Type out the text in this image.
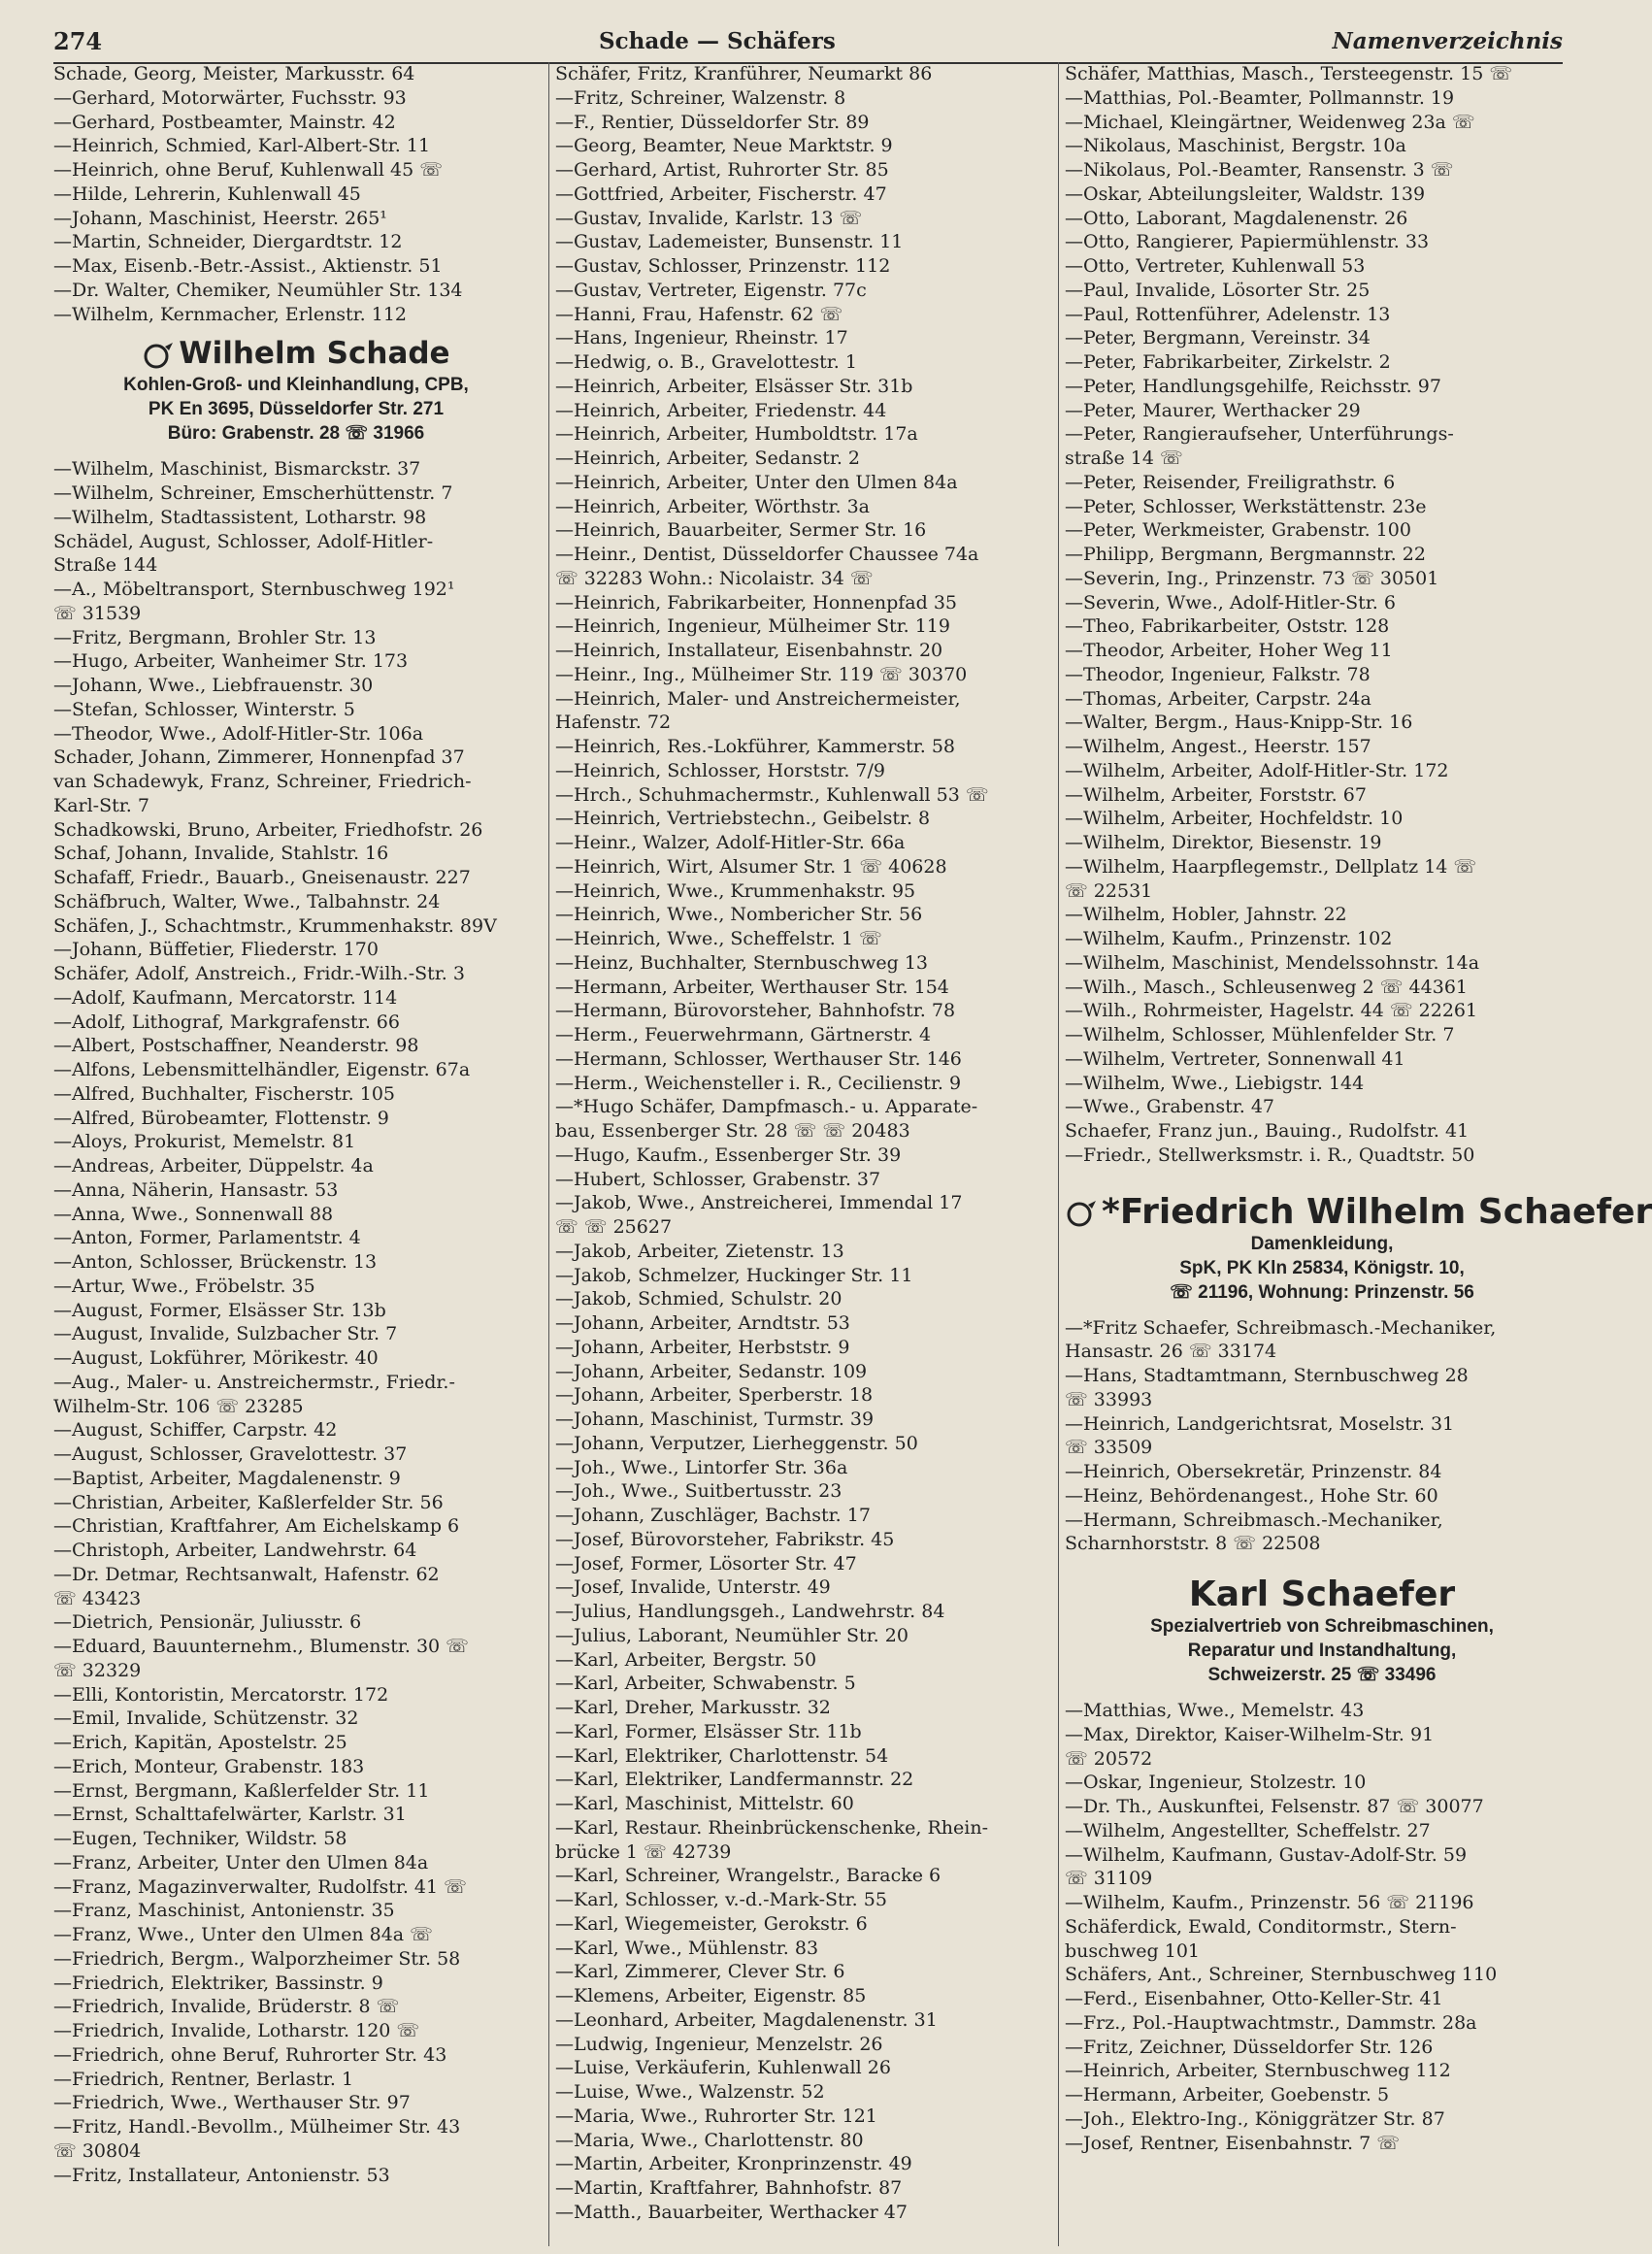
274	Schade — Schäfers	Namenverzeichnis
Schade, Georg, Meister, Markusstr. 64
—Gerhard, Motorwärter, Fuchsstr. 93
—Gerhard, Postbeamter, Mainstr. 42
—Heinrich, Schmied, Karl-Albert-Str. 11
—Heinrich, ohne Beruf, Kuhlenwall 45 ☏
—Hilde, Lehrerin, Kuhlenwall 45
—Johann, Maschinist, Heerstr. 265¹
—Martin, Schneider, Diergardtstr. 12
—Max, Eisenb.-Betr.-Assist., Aktienstr. 51
—Dr. Walter, Chemiker, Neumühler Str. 134
—Wilhelm, Kernmacher, Erlenstr. 112
Wilhelm Schade
Kohlen-Groß- und Kleinhandlung, CPB,
PK En 3695, Düsseldorfer Str. 271
Büro: Grabenstr. 28 ☏ 31966
—Wilhelm, Maschinist, Bismarckstr. 37
—Wilhelm, Schreiner, Emscherhüttenstr. 7
—Wilhelm, Stadtassistent, Lotharstr. 98
Schädel, August, Schlosser, Adolf-Hitler-
Straße 144
—A., Möbeltransport, Sternbuschweg 192¹
☏ 31539
—Fritz, Bergmann, Brohler Str. 13
—Hugo, Arbeiter, Wanheimer Str. 173
—Johann, Wwe., Liebfrauenstr. 30
—Stefan, Schlosser, Winterstr. 5
—Theodor, Wwe., Adolf-Hitler-Str. 106a
Schader, Johann, Zimmerer, Honnenpfad 37
van Schadewyk, Franz, Schreiner, Friedrich-
Karl-Str. 7
Schadkowski, Bruno, Arbeiter, Friedhofstr. 26
Schaf, Johann, Invalide, Stahlstr. 16
Schafaff, Friedr., Bauarb., Gneisenaustr. 227
Schäfbruch, Walter, Wwe., Talbahnstr. 24
Schäfen, J., Schachtmstr., Krummenhakstr. 89V
—Johann, Büffetier, Fliederstr. 170
Schäfer, Adolf, Anstreich., Fridr.-Wilh.-Str. 3
—Adolf, Kaufmann, Mercatorstr. 114
—Adolf, Lithograf, Markgrafenstr. 66
—Albert, Postschaffner, Neanderstr. 98
—Alfons, Lebensmittelhändler, Eigenstr. 67a
—Alfred, Buchhalter, Fischerstr. 105
—Alfred, Bürobeamter, Flottenstr. 9
—Aloys, Prokurist, Memelstr. 81
—Andreas, Arbeiter, Düppelstr. 4a
—Anna, Näherin, Hansastr. 53
—Anna, Wwe., Sonnenwall 88
—Anton, Former, Parlamentstr. 4
—Anton, Schlosser, Brückenstr. 13
—Artur, Wwe., Fröbelstr. 35
—August, Former, Elsässer Str. 13b
—August, Invalide, Sulzbacher Str. 7
—August, Lokführer, Mörikestr. 40
—Aug., Maler- u. Anstreichermstr., Friedr.-
Wilhelm-Str. 106 ☏ 23285
—August, Schiffer, Carpstr. 42
—August, Schlosser, Gravelottestr. 37
—Baptist, Arbeiter, Magdalenenstr. 9
—Christian, Arbeiter, Kaßlerfelder Str. 56
—Christian, Kraftfahrer, Am Eichelskamp 6
—Christoph, Arbeiter, Landwehrstr. 64
—Dr. Detmar, Rechtsanwalt, Hafenstr. 62
☏ 43423
—Dietrich, Pensionär, Juliusstr. 6
—Eduard, Bauunternehm., Blumenstr. 30 ☏
☏ 32329
—Elli, Kontoristin, Mercatorstr. 172
—Emil, Invalide, Schützenstr. 32
—Erich, Kapitän, Apostelstr. 25
—Erich, Monteur, Grabenstr. 183
—Ernst, Bergmann, Kaßlerfelder Str. 11
—Ernst, Schalttafelwärter, Karlstr. 31
—Eugen, Techniker, Wildstr. 58
—Franz, Arbeiter, Unter den Ulmen 84a
—Franz, Magazinverwalter, Rudolfstr. 41 ☏
—Franz, Maschinist, Antonienstr. 35
—Franz, Wwe., Unter den Ulmen 84a ☏
—Friedrich, Bergm., Walporzheimer Str. 58
—Friedrich, Elektriker, Bassinstr. 9
—Friedrich, Invalide, Brüderstr. 8 ☏
—Friedrich, Invalide, Lotharstr. 120 ☏
—Friedrich, ohne Beruf, Ruhrorter Str. 43
—Friedrich, Rentner, Berlastr. 1
—Friedrich, Wwe., Werthauser Str. 97
—Fritz, Handl.-Bevollm., Mülheimer Str. 43
☏ 30804
—Fritz, Installateur, Antonienstr. 53
Schäfer, Fritz, Kranführer, Neumarkt 86
—Fritz, Schreiner, Walzenstr. 8
—F., Rentier, Düsseldorfer Str. 89
—Georg, Beamter, Neue Marktstr. 9
—Gerhard, Artist, Ruhrorter Str. 85
—Gottfried, Arbeiter, Fischerstr. 47
—Gustav, Invalide, Karlstr. 13 ☏
—Gustav, Lademeister, Bunsenstr. 11
—Gustav, Schlosser, Prinzenstr. 112
—Gustav, Vertreter, Eigenstr. 77c
—Hanni, Frau, Hafenstr. 62 ☏
—Hans, Ingenieur, Rheinstr. 17
—Hedwig, o. B., Gravelottestr. 1
—Heinrich, Arbeiter, Elsässer Str. 31b
—Heinrich, Arbeiter, Friedenstr. 44
—Heinrich, Arbeiter, Humboldtstr. 17a
—Heinrich, Arbeiter, Sedanstr. 2
—Heinrich, Arbeiter, Unter den Ulmen 84a
—Heinrich, Arbeiter, Wörthstr. 3a
—Heinrich, Bauarbeiter, Sermer Str. 16
—Heinr., Dentist, Düsseldorfer Chaussee 74a
☏ 32283 Wohn.: Nicolaistr. 34 ☏
—Heinrich, Fabrikarbeiter, Honnenpfad 35
—Heinrich, Ingenieur, Mülheimer Str. 119
—Heinrich, Installateur, Eisenbahnstr. 20
—Heinr., Ing., Mülheimer Str. 119 ☏ 30370
—Heinrich, Maler- und Anstreichermeister,
Hafenstr. 72
—Heinrich, Res.-Lokführer, Kammerstr. 58
—Heinrich, Schlosser, Horststr. 7/9
—Hrch., Schuhmachermstr., Kuhlenwall 53 ☏
—Heinrich, Vertriebstechn., Geibelstr. 8
—Heinr., Walzer, Adolf-Hitler-Str. 66a
—Heinrich, Wirt, Alsumer Str. 1 ☏ 40628
—Heinrich, Wwe., Krummenhakstr. 95
—Heinrich, Wwe., Nombericher Str. 56
—Heinrich, Wwe., Scheffelstr. 1 ☏
—Heinz, Buchhalter, Sternbuschweg 13
—Hermann, Arbeiter, Werthauser Str. 154
—Hermann, Bürovorsteher, Bahnhofstr. 78
—Herm., Feuerwehrmann, Gärtnerstr. 4
—Hermann, Schlosser, Werthauser Str. 146
—Herm., Weichensteller i. R., Cecilienstr. 9
—*Hugo Schäfer, Dampfmasch.- u. Apparate-
bau, Essenberger Str. 28 ☏ ☏ 20483
—Hugo, Kaufm., Essenberger Str. 39
—Hubert, Schlosser, Grabenstr. 37
—Jakob, Wwe., Anstreicherei, Immendal 17
☏ ☏ 25627
—Jakob, Arbeiter, Zietenstr. 13
—Jakob, Schmelzer, Huckinger Str. 11
—Jakob, Schmied, Schulstr. 20
—Johann, Arbeiter, Arndtstr. 53
—Johann, Arbeiter, Herbststr. 9
—Johann, Arbeiter, Sedanstr. 109
—Johann, Arbeiter, Sperberstr. 18
—Johann, Maschinist, Turmstr. 39
—Johann, Verputzer, Lierheggenstr. 50
—Joh., Wwe., Lintorfer Str. 36a
—Joh., Wwe., Suitbertusstr. 23
—Johann, Zuschläger, Bachstr. 17
—Josef, Bürovorsteher, Fabrikstr. 45
—Josef, Former, Lösorter Str. 47
—Josef, Invalide, Unterstr. 49
—Julius, Handlungsgeh., Landwehrstr. 84
—Julius, Laborant, Neumühler Str. 20
—Karl, Arbeiter, Bergstr. 50
—Karl, Arbeiter, Schwabenstr. 5
—Karl, Dreher, Markusstr. 32
—Karl, Former, Elsässer Str. 11b
—Karl, Elektriker, Charlottenstr. 54
—Karl, Elektriker, Landfermannstr. 22
—Karl, Maschinist, Mittelstr. 60
—Karl, Restaur. Rheinbrückenschenke, Rhein-
brücke 1 ☏ 42739
—Karl, Schreiner, Wrangelstr., Baracke 6
—Karl, Schlosser, v.-d.-Mark-Str. 55
—Karl, Wiegemeister, Gerokstr. 6
—Karl, Wwe., Mühlenstr. 83
—Karl, Zimmerer, Clever Str. 6
—Klemens, Arbeiter, Eigenstr. 85
—Leonhard, Arbeiter, Magdalenenstr. 31
—Ludwig, Ingenieur, Menzelstr. 26
—Luise, Verkäuferin, Kuhlenwall 26
—Luise, Wwe., Walzenstr. 52
—Maria, Wwe., Ruhrorter Str. 121
—Maria, Wwe., Charlottenstr. 80
—Martin, Arbeiter, Kronprinzenstr. 49
—Martin, Kraftfahrer, Bahnhofstr. 87
—Matth., Bauarbeiter, Werthacker 47
Schäfer, Matthias, Masch., Tersteegenstr. 15 ☏
—Matthias, Pol.-Beamter, Pollmannstr. 19
—Michael, Kleingärtner, Weidenweg 23a ☏
—Nikolaus, Maschinist, Bergstr. 10a
—Nikolaus, Pol.-Beamter, Ransenstr. 3 ☏
—Oskar, Abteilungsleiter, Waldstr. 139
—Otto, Laborant, Magdalenenstr. 26
—Otto, Rangierer, Papiermühlenstr. 33
—Otto, Vertreter, Kuhlenwall 53
—Paul, Invalide, Lösorter Str. 25
—Paul, Rottenführer, Adelenstr. 13
—Peter, Bergmann, Vereinstr. 34
—Peter, Fabrikarbeiter, Zirkelstr. 2
—Peter, Handlungsgehilfe, Reichsstr. 97
—Peter, Maurer, Werthacker 29
—Peter, Rangieraufseher, Unterführungs-
straße 14 ☏
—Peter, Reisender, Freiligrathstr. 6
—Peter, Schlosser, Werkstättenstr. 23e
—Peter, Werkmeister, Grabenstr. 100
—Philipp, Bergmann, Bergmannstr. 22
—Severin, Ing., Prinzenstr. 73 ☏ 30501
—Severin, Wwe., Adolf-Hitler-Str. 6
—Theo, Fabrikarbeiter, Oststr. 128
—Theodor, Arbeiter, Hoher Weg 11
—Theodor, Ingenieur, Falkstr. 78
—Thomas, Arbeiter, Carpstr. 24a
—Walter, Bergm., Haus-Knipp-Str. 16
—Wilhelm, Angest., Heerstr. 157
—Wilhelm, Arbeiter, Adolf-Hitler-Str. 172
—Wilhelm, Arbeiter, Forststr. 67
—Wilhelm, Arbeiter, Hochfeldstr. 10
—Wilhelm, Direktor, Biesenstr. 19
—Wilhelm, Haarpflegemstr., Dellplatz 14 ☏
☏ 22531
—Wilhelm, Hobler, Jahnstr. 22
—Wilhelm, Kaufm., Prinzenstr. 102
—Wilhelm, Maschinist, Mendelssohnstr. 14a
—Wilh., Masch., Schleusenweg 2 ☏ 44361
—Wilh., Rohrmeister, Hagelstr. 44 ☏ 22261
—Wilhelm, Schlosser, Mühlenfelder Str. 7
—Wilhelm, Vertreter, Sonnenwall 41
—Wilhelm, Wwe., Liebigstr. 144
—Wwe., Grabenstr. 47
Schaefer, Franz jun., Bauing., Rudolfstr. 41
—Friedr., Stellwerksmstr. i. R., Quadtstr. 50
*Friedrich Wilhelm Schaefer
Damenkleidung,
SpK, PK Kln 25834, Königstr. 10,
☏ 21196, Wohnung: Prinzenstr. 56
—*Fritz Schaefer, Schreibmasch.-Mechaniker,
Hansastr. 26 ☏ 33174
—Hans, Stadtamtmann, Sternbuschweg 28
☏ 33993
—Heinrich, Landgerichtsrat, Moselstr. 31
☏ 33509
—Heinrich, Obersekretär, Prinzenstr. 84
—Heinz, Behördenangest., Hohe Str. 60
—Hermann, Schreibmasch.-Mechaniker,
Scharnhorststr. 8 ☏ 22508
Karl Schaefer
Spezialvertrieb von Schreibmaschinen,
Reparatur und Instandhaltung,
Schweizerstr. 25 ☏ 33496
—Matthias, Wwe., Memelstr. 43
—Max, Direktor, Kaiser-Wilhelm-Str. 91
☏ 20572
—Oskar, Ingenieur, Stolzestr. 10
—Dr. Th., Auskunftei, Felsenstr. 87 ☏ 30077
—Wilhelm, Angestellter, Scheffelstr. 27
—Wilhelm, Kaufmann, Gustav-Adolf-Str. 59
☏ 31109
—Wilhelm, Kaufm., Prinzenstr. 56 ☏ 21196
Schäferdick, Ewald, Conditormstr., Stern-
buschweg 101
Schäfers, Ant., Schreiner, Sternbuschweg 110
—Ferd., Eisenbahner, Otto-Keller-Str. 41
—Frz., Pol.-Hauptwachtmstr., Dammstr. 28a
—Fritz, Zeichner, Düsseldorfer Str. 126
—Heinrich, Arbeiter, Sternbuschweg 112
—Hermann, Arbeiter, Goebenstr. 5
—Joh., Elektro-Ing., Königgrätzer Str. 87
—Josef, Rentner, Eisenbahnstr. 7 ☏
